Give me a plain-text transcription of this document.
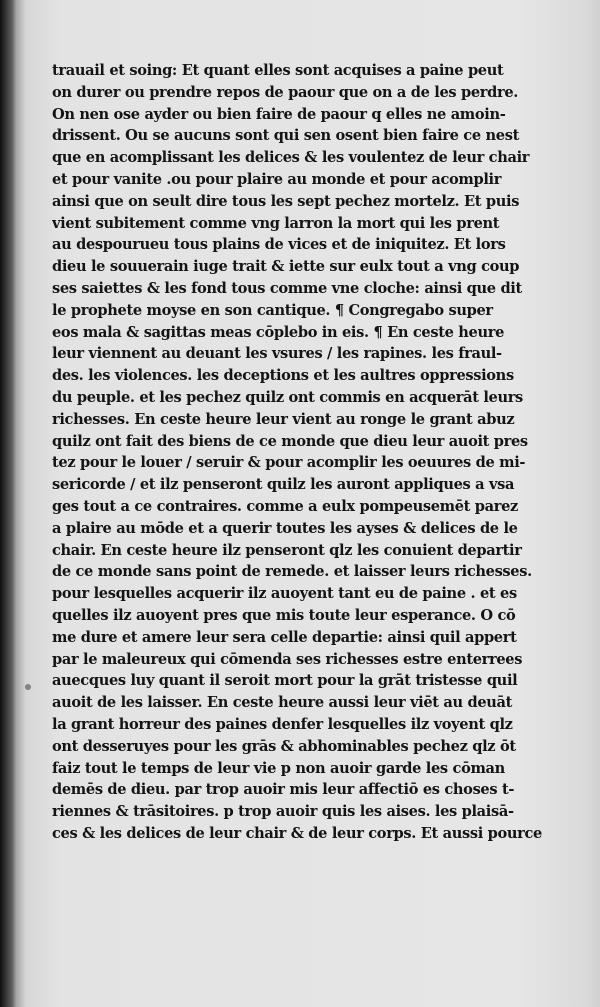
trauail et soing: Et quant elles sont acquises a paine peut
on durer ou prendre repos de paour que on a de les perdre.
On nen ose ayder ou bien faire de paour q elles ne amoin-
drissent. Ou se aucuns sont qui sen osent bien faire ce nest
que en acomplissant les delices & les voulentez de leur chair
et pour vanite .ou pour plaire au monde et pour acomplir
ainsi que on seult dire tous les sept pechez mortelz. Et puis
vient subitement comme vng larron la mort qui les prent
au despourueu tous plains de vices et de iniquitez. Et lors
dieu le souuerain iuge trait & iette sur eulx tout a vng coup
ses saiettes & les fond tous comme vne cloche: ainsi que dit
le prophete moyse en son cantique. ¶ Congregabo super
eos mala & sagittas meas cōplebo in eis. ¶ En ceste heure
leur viennent au deuant les vsures / les rapines. les fraul-
des. les violences. les deceptions et les aultres oppressions
du peuple. et les pechez quilz ont commis en acquerāt leurs
richesses. En ceste heure leur vient au ronge le grant abuz
quilz ont fait des biens de ce monde que dieu leur auoit pres
tez pour le louer / seruir & pour acomplir les oeuures de mi-
sericorde / et ilz penseront quilz les auront appliques a vsa
ges tout a ce contraires. comme a eulx pompeusemēt parez
a plaire au mōde et a querir toutes les ayses & delices de le
chair. En ceste heure ilz penseront qlz les conuient departir
de ce monde sans point de remede. et laisser leurs richesses.
pour lesquelles acquerir ilz auoyent tant eu de paine . et es
quelles ilz auoyent pres que mis toute leur esperance. O cō
me dure et amere leur sera celle departie: ainsi quil appert
par le maleureux qui cōmenda ses richesses estre enterrees
auecques luy quant il seroit mort pour la grāt tristesse quil
auoit de les laisser. En ceste heure aussi leur viēt au deuāt
la grant horreur des paines denfer lesquelles ilz voyent qlz
ont desseruyes pour les grās & abhominables pechez qlz ōt
faiz tout le temps de leur vie p non auoir garde les cōman
demēs de dieu. par trop auoir mis leur affectiō es choses t-
riennes & trāsitoires. p trop auoir quis les aises. les plaisā-
ces & les delices de leur chair & de leur corps. Et aussi pource
